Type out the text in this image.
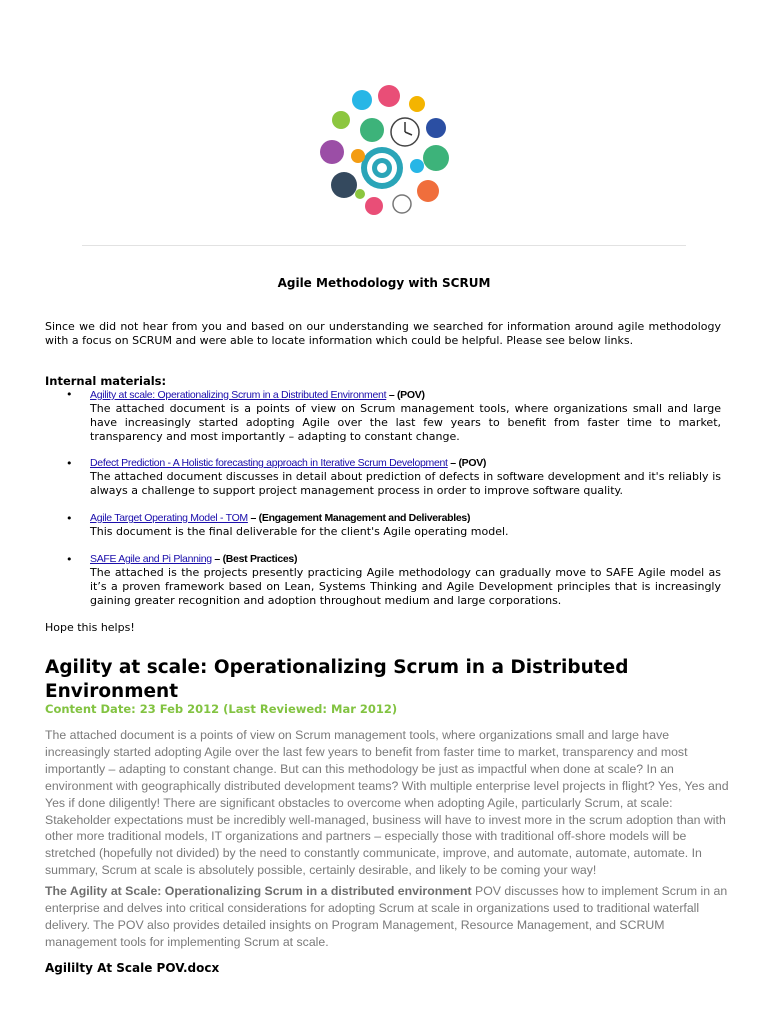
Agile Methodology with SCRUM

Since we did not hear from you and based on our understanding we searched for information around agile methodology with a focus on SCRUM and were able to locate information which could be helpful. Please see below links.

Internal materials:
• Agility at scale: Operationalizing Scrum in a Distributed Environment – (POV)

The attached document is a points of view on Scrum management tools, where organizations small and large have increasingly started adopting Agile over the last few years to benefit from faster time to market, transparency and most importantly – adapting to constant change.

• Defect Prediction - A Holistic forecasting approach in Iterative Scrum Development – (POV)

The attached document discusses in detail about prediction of defects in software development and it's reliably is always a challenge to support project management process in order to improve software quality.

• Agile Target Operating Model - TOM – (Engagement Management and Deliverables)

This document is the final deliverable for the client's Agile operating model.

• SAFE Agile and Pi Planning – (Best Practices)

The attached is the projects presently practicing Agile methodology can gradually move to SAFE Agile model as it’s a proven framework based on Lean, Systems Thinking and Agile Development principles that is increasingly gaining greater recognition and adoption throughout medium and large corporations.

Hope this helps!
Agility at scale: Operationalizing Scrum in a Distributed Environment
Content Date: 23 Feb 2012 (Last Reviewed: Mar 2012)

The attached document is a points of view on Scrum management tools, where organizations small and large have increasingly started adopting Agile over the last few years to benefit from faster time to market, transparency and most importantly – adapting to constant change. But can this methodology be just as impactful when done at scale? In an environment with geographically distributed development teams? With multiple enterprise level projects in flight? Yes, Yes and Yes if done diligently! There are significant obstacles to overcome when adopting Agile, particularly Scrum, at scale: Stakeholder expectations must be incredibly well-managed, business will have to invest more in the scrum adoption than with other more traditional models, IT organizations and partners – especially those with traditional off-shore models will be stretched (hopefully not divided) by the need to constantly communicate, improve, and automate, automate, automate. In summary, Scrum at scale is absolutely possible, certainly desirable, and likely to be coming your way!

The Agility at Scale: Operationalizing Scrum in a distributed environment POV discusses how to implement Scrum in an enterprise and delves into critical considerations for adopting Scrum at scale in organizations used to traditional waterfall delivery. The POV also provides detailed insights on Program Management, Resource Management, and SCRUM management tools for implementing Scrum at scale.

Agililty At Scale POV.docx
